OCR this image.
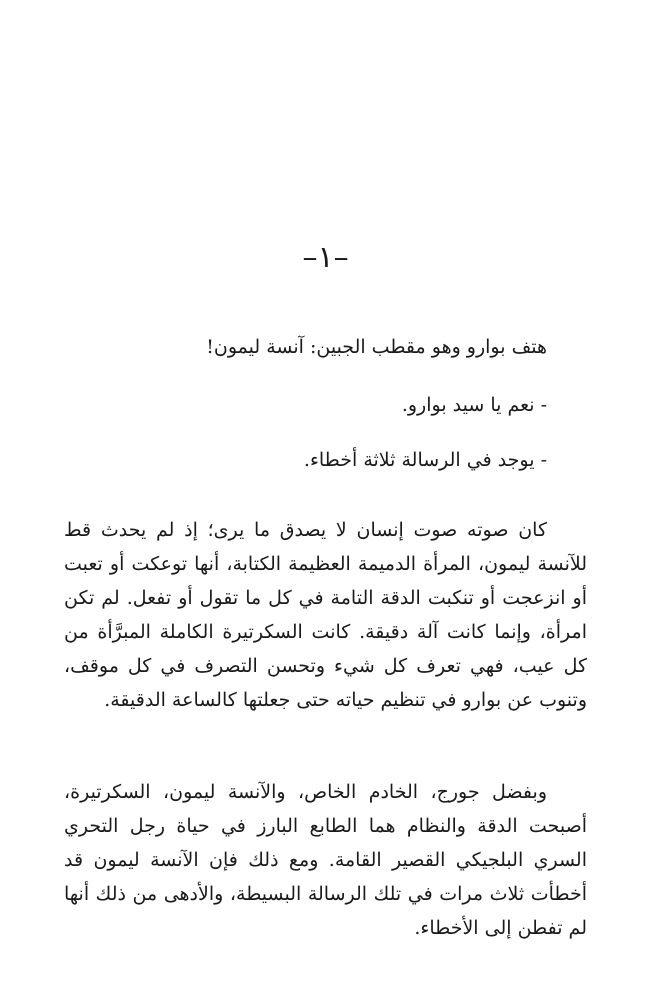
–١–
هتف بوارو وهو مقطب الجبين: آنسة ليمون!
- نعم يا سيد بوارو.
- يوجد في الرسالة ثلاثة أخطاء.

كان صوته صوت إنسان لا يصدق ما يرى؛ إذ لم يحدث قط للآنسة ليمون، المرأة الدميمة العظيمة الكتابة، أنها توعكت أو تعبت أو انزعجت أو تنكبت الدقة التامة في كل ما تقول أو تفعل. لم تكن امرأة، وإنما كانت آلة دقيقة. كانت السكرتيرة الكاملة المبرَّأة من كل عيب، فهي تعرف كل شيء وتحسن التصرف في كل موقف، وتنوب عن بوارو في تنظيم حياته حتى جعلتها كالساعة الدقيقة.

وبفضل جورج، الخادم الخاص، والآنسة ليمون، السكرتيرة، أصبحت الدقة والنظام هما الطابع البارز في حياة رجل التحري السري البلجيكي القصير القامة. ومع ذلك فإن الآنسة ليمون قد أخطأت ثلاث مرات في تلك الرسالة البسيطة، والأدهى من ذلك أنها لم تفطن إلى الأخطاء.
